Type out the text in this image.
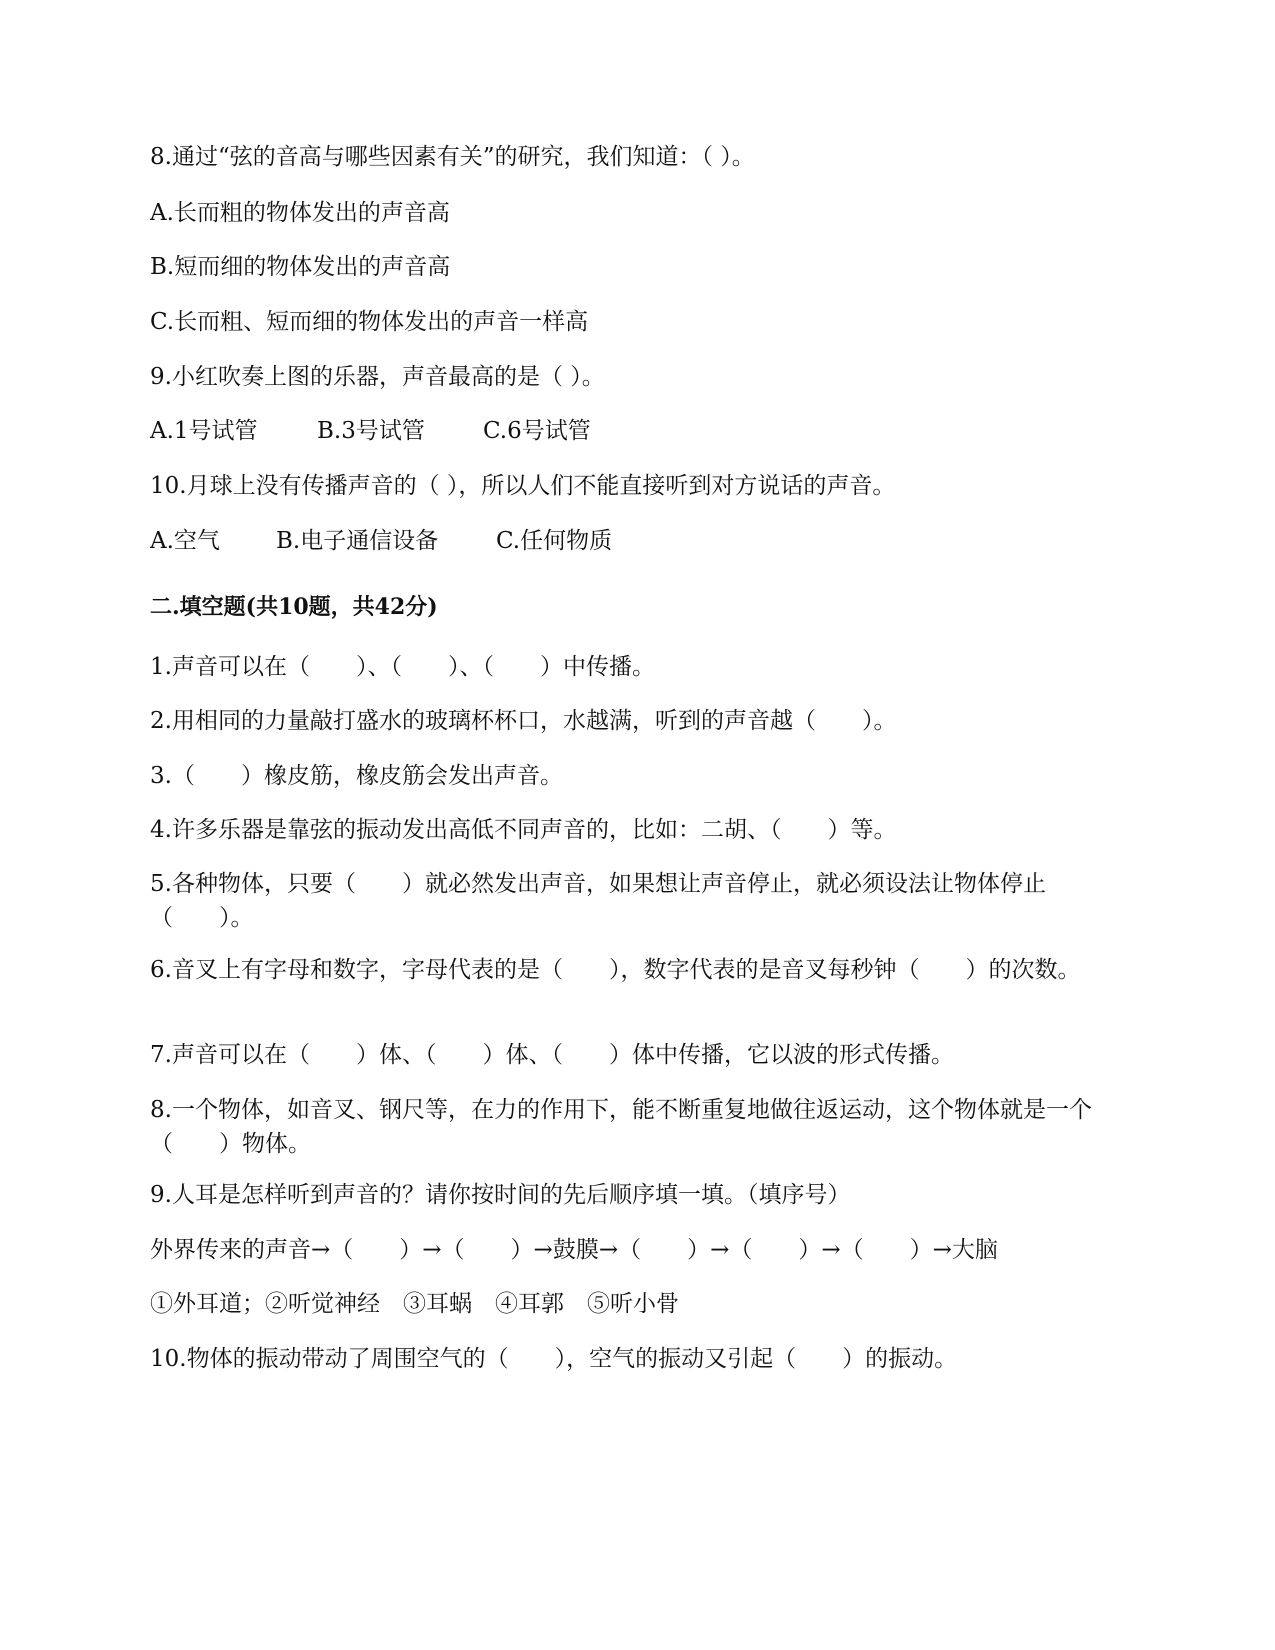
8.通过“弦的音高与哪些因素有关”的研究，我们知道：（ ）。
A.长而粗的物体发出的声音高
B.短而细的物体发出的声音高
C.长而粗、短而细的物体发出的声音一样高
9.小红吹奏上图的乐器，声音最高的是（ ）。
A.1号试管	B.3号试管	C.6号试管
10.月球上没有传播声音的（ ），所以人们不能直接听到对方说话的声音。
A.空气 B.电子通信设备	C.任何物质
二.填空题(共10题，共42分)
1.声音可以在（　　）、（　　）、（　　）中传播。
2.用相同的力量敲打盛水的玻璃杯杯口，水越满，听到的声音越（　　）。
3.（　　）橡皮筋，橡皮筋会发出声音。
4.许多乐器是靠弦的振动发出高低不同声音的，比如：二胡、（　　）等。
5.各种物体，只要（　　）就必然发出声音，如果想让声音停止，就必须设法让物体停止（　　）。
6.音叉上有字母和数字，字母代表的是（　　），数字代表的是音叉每秒钟（　　）的次数。
7.声音可以在（　　）体、（　　）体、（　　）体中传播，它以波的形式传播。
8.一个物体，如音叉、钢尺等，在力的作用下，能不断重复地做往返运动，这个物体就是一个（　　）物体。
9.人耳是怎样听到声音的？请你按时间的先后顺序填一填。（填序号）
外界传来的声音→（　　）→（　　）→鼓膜→（　　）→（　　）→（　　）→大脑
①外耳道；②听觉神经　③耳蜗　④耳郭　⑤听小骨
10.物体的振动带动了周围空气的（　　），空气的振动又引起（　　）的振动。
